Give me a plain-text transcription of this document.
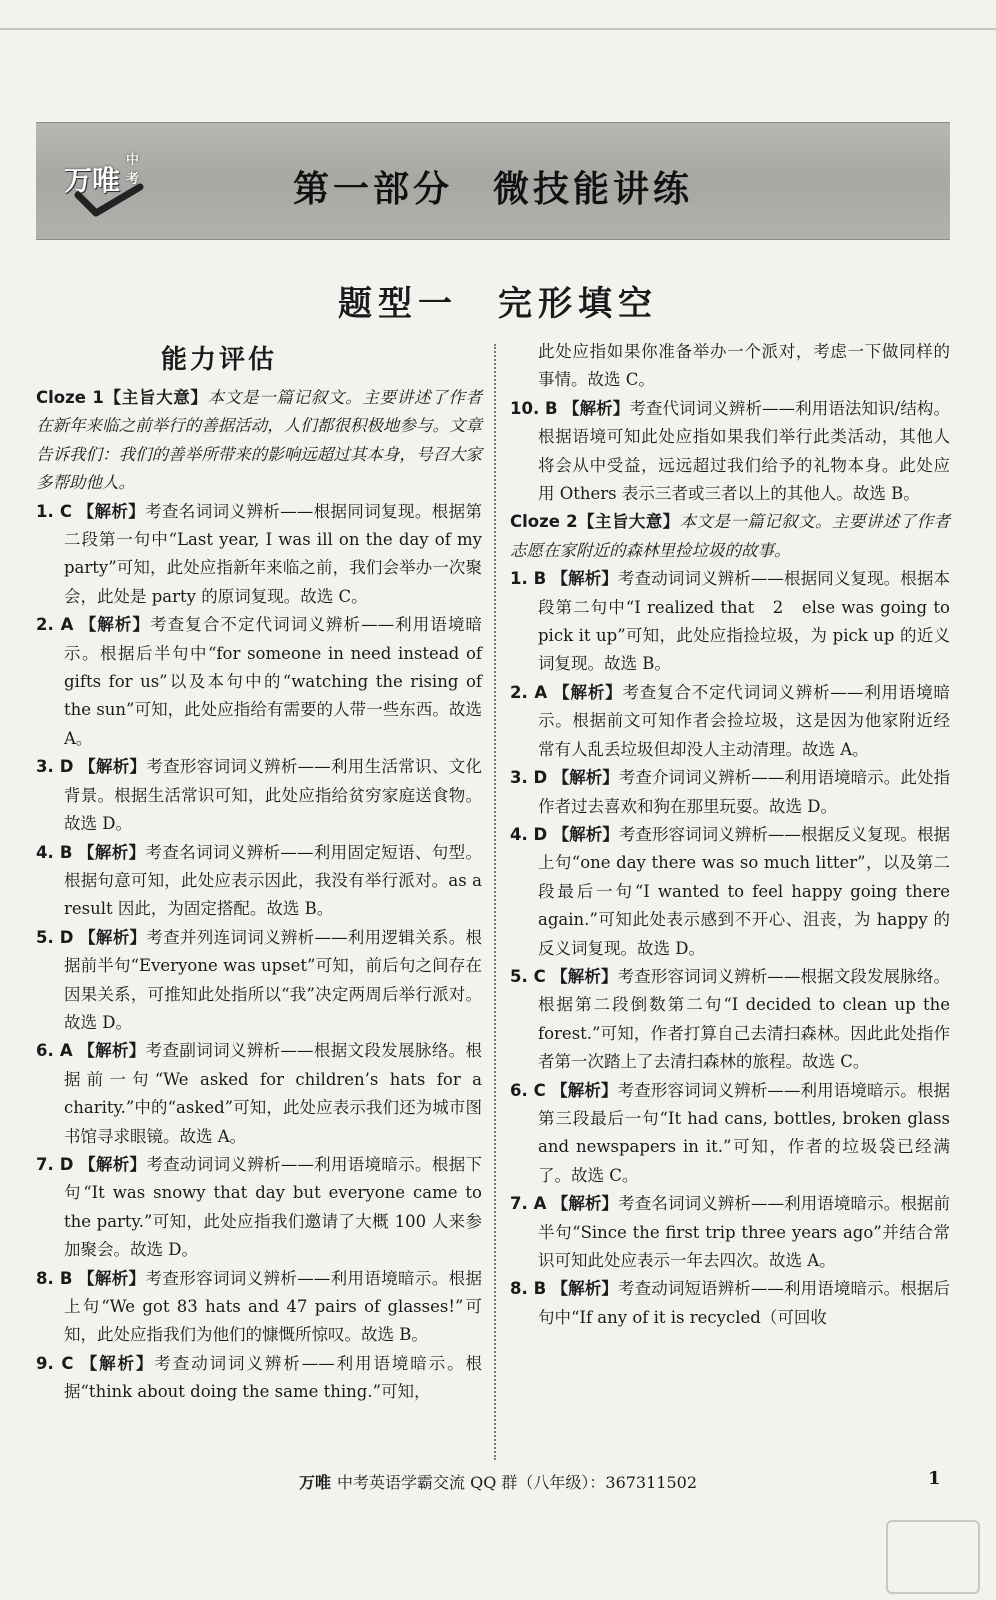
万唯
中考	第一部分　微技能讲练
题型一　完形填空
能力评估

Cloze 1【主旨大意】本文是一篇记叙文。主要讲述了作者在新年来临之前举行的善据活动，人们都很积极地参与。文章告诉我们：我们的善举所带来的影响远超过其本身，号召大家多帮助他人。

1. C 【解析】考查名词词义辨析——根据同词复现。根据第二段第一句中“Last year, I was ill on the day of my party”可知，此处应指新年来临之前，我们会举办一次聚会，此处是 party 的原词复现。故选 C。

2. A 【解析】考查复合不定代词词义辨析——利用语境暗示。根据后半句中“for someone in need instead of gifts for us”以及本句中的“watching the rising of the sun”可知，此处应指给有需要的人带一些东西。故选 A。

3. D 【解析】考查形容词词义辨析——利用生活常识、文化背景。根据生活常识可知，此处应指给贫穷家庭送食物。故选 D。

4. B 【解析】考查名词词义辨析——利用固定短语、句型。根据句意可知，此处应表示因此，我没有举行派对。as a result 因此，为固定搭配。故选 B。

5. D 【解析】考查并列连词词义辨析——利用逻辑关系。根据前半句“Everyone was upset”可知，前后句之间存在因果关系，可推知此处指所以“我”决定两周后举行派对。故选 D。

6. A 【解析】考查副词词义辨析——根据文段发展脉络。根据前一句“We asked for children’s hats for a charity.”中的“asked”可知，此处应表示我们还为城市图书馆寻求眼镜。故选 A。

7. D 【解析】考查动词词义辨析——利用语境暗示。根据下句“It was snowy that day but everyone came to the party.”可知，此处应指我们邀请了大概 100 人来参加聚会。故选 D。

8. B 【解析】考查形容词词义辨析——利用语境暗示。根据上句“We got 83 hats and 47 pairs of glasses!”可知，此处应指我们为他们的慷慨所惊叹。故选 B。

9. C 【解析】考查动词词义辨析——利用语境暗示。根据“think about doing the same thing.”可知，

此处应指如果你准备举办一个派对，考虑一下做同样的事情。故选 C。

10. B 【解析】考查代词词义辨析——利用语法知识/结构。根据语境可知此处应指如果我们举行此类活动，其他人将会从中受益，远远超过我们给予的礼物本身。此处应用 Others 表示三者或三者以上的其他人。故选 B。

Cloze 2【主旨大意】本文是一篇记叙文。主要讲述了作者志愿在家附近的森林里捡垃圾的故事。

1. B 【解析】考查动词词义辨析——根据同义复现。根据本段第二句中“I realized that　2　else was going to pick it up”可知，此处应指捡垃圾，为 pick up 的近义词复现。故选 B。

2. A 【解析】考查复合不定代词词义辨析——利用语境暗示。根据前文可知作者会捡垃圾，这是因为他家附近经常有人乱丢垃圾但却没人主动清理。故选 A。

3. D 【解析】考查介词词义辨析——利用语境暗示。此处指作者过去喜欢和狗在那里玩耍。故选 D。

4. D 【解析】考查形容词词义辨析——根据反义复现。根据上句“one day there was so much litter”，以及第二段最后一句“I wanted to feel happy going there again.”可知此处表示感到不开心、沮丧，为 happy 的反义词复现。故选 D。

5. C 【解析】考查形容词词义辨析——根据文段发展脉络。根据第二段倒数第二句“I decided to clean up the forest.”可知，作者打算自己去清扫森林。因此此处指作者第一次踏上了去清扫森林的旅程。故选 C。

6. C 【解析】考查形容词词义辨析——利用语境暗示。根据第三段最后一句“It had cans, bottles, broken glass and newspapers in it.”可知，作者的垃圾袋已经满了。故选 C。

7. A 【解析】考查名词词义辨析——利用语境暗示。根据前半句“Since the first trip three years ago”并结合常识可知此处应表示一年去四次。故选 A。

8. B 【解析】考查动词短语辨析——利用语境暗示。根据后句中“If any of it is recycled（可回收

万唯 中考英语学霸交流 QQ 群（八年级）：367311502	1
